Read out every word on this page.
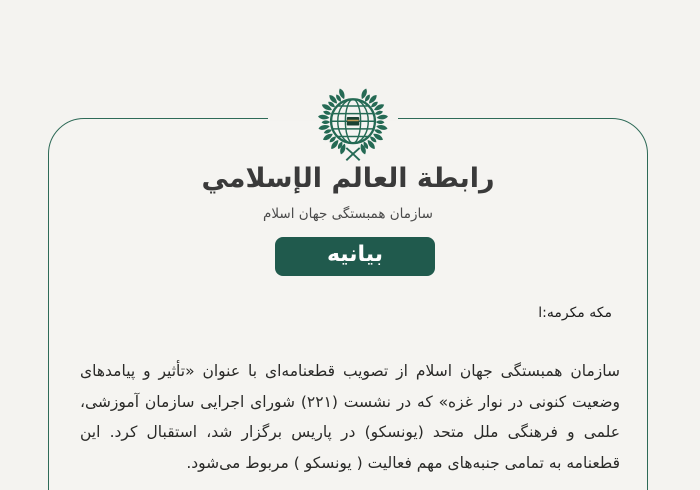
رابطة العالم الإسلامي
سازمان همبستگی جهان اسلام
بیانیه
مکه مکرمه:ا
سازمان همبستگی جهان اسلام از تصویب قطعنامه‌ای با عنوان «تأثیر و پیامدهای
وضعیت کنونی در نوار غزه» که در نشست (۲۲۱) شورای اجرایی سازمان آموزشی،
علمی و فرهنگی ملل متحد (یونسکو) در پاریس برگزار شد، استقبال کرد. این
قطعنامه به تمامی جنبه‌های مهم فعالیت ( یونسکو ) مربوط می‌شود.
